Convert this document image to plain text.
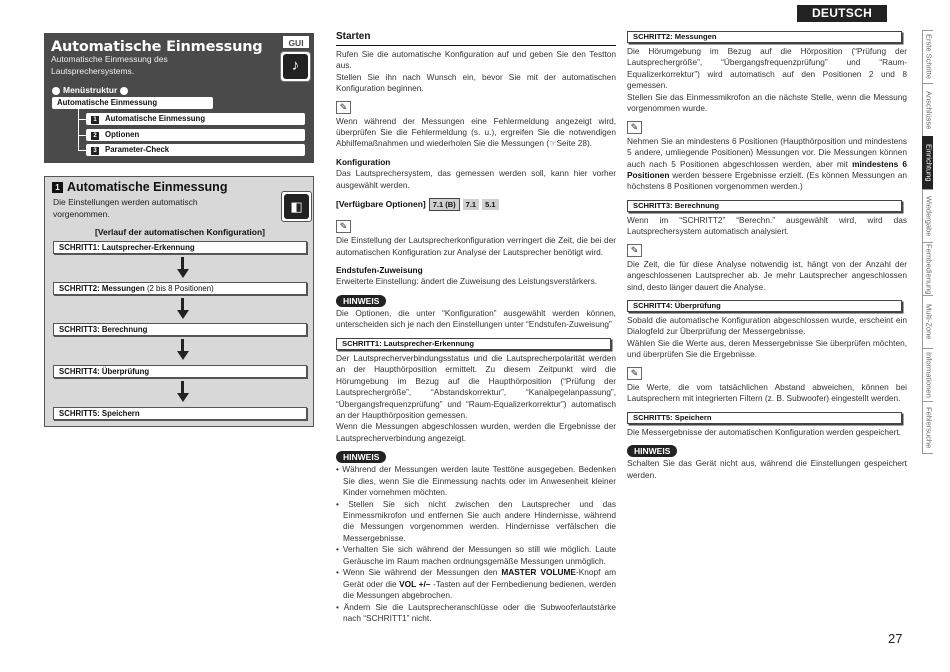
DEUTSCH
Erste Schritte
Anschlüsse
Einrichtung
Wiedergabe
Fernbedienung
Multi-Zone
Informationen
Fehlersuche
27
Automatische Einmessung
Automatische Einmessung des Lautsprechersystems.
GUI
♪
Menüstruktur
Automatische Einmessung
1 Automatische Einmessung
2 Optionen
3 Parameter-Check
1 Automatische Einmessung
Die Einstellungen werden automatisch vorgenommen.
◧
[Verlauf der automatischen Konfiguration]
SCHRITT1: Lautsprecher-Erkennung
SCHRITT2: Messungen (2 bis 8 Positionen)
SCHRITT3: Berechnung
SCHRITT4: Überprüfung
SCHRITT5: Speichern
Starten

Rufen Sie die automatische Konfiguration auf und geben Sie den Testton aus.

Stellen Sie ihn nach Wunsch ein, bevor Sie mit der automatischen Konfiguration beginnen.

✎

Wenn während der Messungen eine Fehlermeldung angezeigt wird, überprüfen Sie die Fehlermeldung (s. u.), ergreifen Sie die notwendigen Abhilfemaßnahmen und wiederholen Sie die Messungen (☞Seite 28).

Konfiguration

Das Lautsprechersystem, das gemessen werden soll, kann hier vorher ausgewählt werden.

[Verfügbare Optionen] 7.1 (B)	7.1	5.1
✎

Die Einstellung der Lautsprecherkonfiguration verringert die Zeit, die bei der automatischen Konfiguration zur Analyse der Lautsprecher benötigt wird.

Endstufen-Zuweisung

Erweiterte Einstellung: ändert die Zuweisung des Leistungsverstärkers.

HINWEIS

Die Optionen, die unter “Konfiguration” ausgewählt werden können, unterscheiden sich je nach den Einstellungen unter “Endstufen-Zuweisung”

SCHRITT1: Lautsprecher-Erkennung

Der Lautsprecherverbindungsstatus und die Lautsprecherpolarität werden an der Haupthörposition ermittelt. Zu diesem Zeitpunkt wird die Hörumgebung im Bezug auf die Haupthörposition (“Prüfung der Lautsprechergröße”, “Abstandskorrektur”, “Kanalpegelanpassung”, “Übergangsfrequenzprüfung” und “Raum-Equalizerkorrektur”) automatisch an der Haupthörposition gemessen.

Wenn die Messungen abgeschlossen wurden, werden die Ergebnisse der Lautsprecherverbindung angezeigt.

HINWEIS
• Während der Messungen werden laute Testtöne ausgegeben. Bedenken Sie dies, wenn Sie die Einmessung nachts oder im Anwesenheit kleiner Kinder vornehmen möchten.
• Stellen Sie sich nicht zwischen den Lautsprecher und das Einmessmikrofon und entfernen Sie auch andere Hindernisse, während die Messungen vorgenommen werden. Hindernisse verfälschen die Messergebnisse.
• Verhalten Sie sich während der Messungen so still wie möglich. Laute Geräusche im Raum machen ordnungsgemäße Messungen unmöglich.
• Wenn Sie während der Messungen den MASTER VOLUME-Knopf am Gerät oder die VOL +/– -Tasten auf der Fernbedienung bedienen, werden die Messungen abgebrochen.
• Ändern Sie die Lautsprecheranschlüsse oder die Subwooferlautstärke nach “SCHRITT1” nicht.
SCHRITT2: Messungen

Die Hörumgebung im Bezug auf die Hörposition (“Prüfung der Lautsprechergröße”, “Übergangsfrequenzprüfung” und “Raum-Equalizerkorrektur”) wird automatisch auf den Positionen 2 und 8 gemessen.

Stellen Sie das Einmessmikrofon an die nächste Stelle, wenn die Messung vorgenommen wurde.

✎

Nehmen Sie an mindestens 6 Positionen (Haupthörposition und mindestens 5 andere, umliegende Positionen) Messungen vor. Die Messungen können auch nach 5 Positionen abgeschlossen werden, aber mit mindestens 6 Positionen werden bessere Ergebnisse erzielt. (Es können Messungen an höchstens 8 Positionen vorgenommen werden.)

SCHRITT3: Berechnung

Wenn im “SCHRITT2” “Berechn.” ausgewählt wird, wird das Lautsprechersystem automatisch analysiert.

✎

Die Zeit, die für diese Analyse notwendig ist, hängt von der Anzahl der angeschlossenen Lautsprecher ab. Je mehr Lautsprecher angeschlossen sind, desto länger dauert die Analyse.

SCHRITT4: Überprüfung

Sobald die automatische Konfiguration abgeschlossen wurde, erscheint ein Dialogfeld zur Überprüfung der Messergebnisse.

Wählen Sie die Werte aus, deren Messergebnisse Sie überprüfen möchten, und überprüfen Sie die Ergebnisse.

✎

Die Werte, die vom tatsächlichen Abstand abweichen, können bei Lautsprechern mit integrierten Filtern (z. B. Subwoofer) eingestellt werden.

SCHRITT5: Speichern

Die Messergebnisse der automatischen Konfiguration werden gespeichert.

HINWEIS

Schalten Sie das Gerät nicht aus, während die Einstellungen gespeichert werden.
